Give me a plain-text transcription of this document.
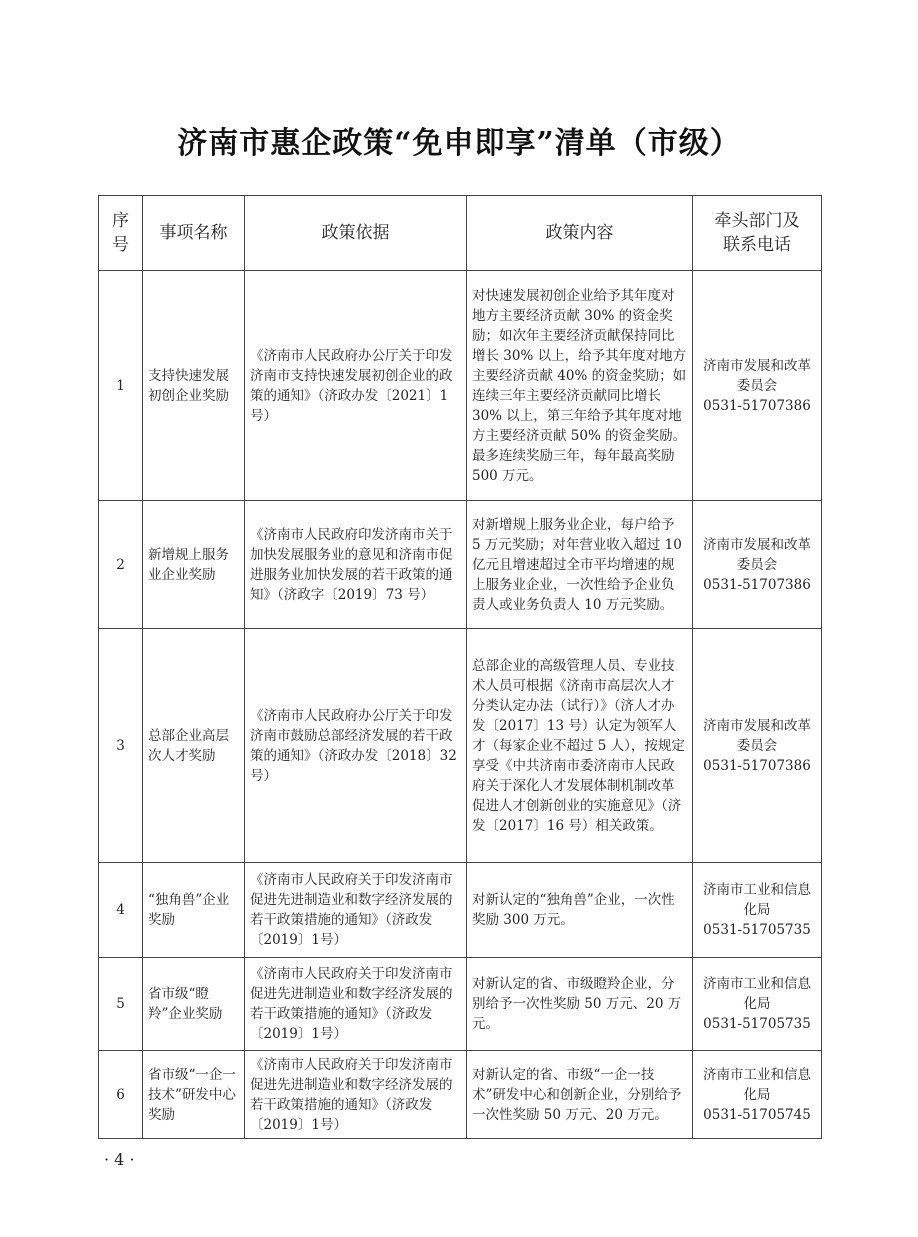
济南市惠企政策“免申即享”清单（市级）
序号	事项名称	政策依据	政策内容	牵头部门及联系电话
1	支持快速发展初创企业奖励	《济南市人民政府办公厅关于印发济南市支持快速发展初创企业的政策的通知》（济政办发〔2021〕1 号）	对快速发展初创企业给予其年度对地方主要经济贡献 30% 的资金奖励；如次年主要经济贡献保持同比增长 30% 以上，给予其年度对地方主要经济贡献 40% 的资金奖励；如连续三年主要经济贡献同比增长 30% 以上，第三年给予其年度对地方主要经济贡献 50% 的资金奖励。最多连续奖励三年，每年最高奖励 500 万元。	济南市发展和改革委员会
0531-51707386

2	新增规上服务业企业奖励	《济南市人民政府印发济南市关于加快发展服务业的意见和济南市促进服务业加快发展的若干政策的通知》（济政字〔2019〕73 号）	对新增规上服务业企业，每户给予 5 万元奖励；对年营业收入超过 10 亿元且增速超过全市平均增速的规上服务业企业，一次性给予企业负责人或业务负责人 10 万元奖励。	济南市发展和改革委员会
0531-51707386

3	总部企业高层次人才奖励	《济南市人民政府办公厅关于印发济南市鼓励总部经济发展的若干政策的通知》（济政办发〔2018〕32 号）	总部企业的高级管理人员、专业技术人员可根据《济南市高层次人才分类认定办法（试行）》（济人才办发〔2017〕13 号）认定为领军人才（每家企业不超过 5 人），按规定享受《中共济南市委济南市人民政府关于深化人才发展体制机制改革促进人才创新创业的实施意见》（济发〔2017〕16 号）相关政策。	济南市发展和改革委员会
0531-51707386

4	“独角兽”企业奖励	《济南市人民政府关于印发济南市促进先进制造业和数字经济发展的若干政策措施的通知》（济政发〔2019〕1号）	对新认定的“独角兽”企业，一次性奖励 300 万元。	济南市工业和信息化局
0531-51705735

5	省市级“瞪羚”企业奖励	《济南市人民政府关于印发济南市促进先进制造业和数字经济发展的若干政策措施的通知》（济政发〔2019〕1号）	对新认定的省、市级瞪羚企业，分别给予一次性奖励 50 万元、20 万元。	济南市工业和信息化局
0531-51705735

6	省市级“一企一技术”研发中心奖励	《济南市人民政府关于印发济南市促进先进制造业和数字经济发展的若干政策措施的通知》（济政发〔2019〕1号）	对新认定的省、市级“一企一技术”研发中心和创新企业，分别给予一次性奖励 50 万元、20 万元。	济南市工业和信息化局
0531-51705745
· 4 ·
